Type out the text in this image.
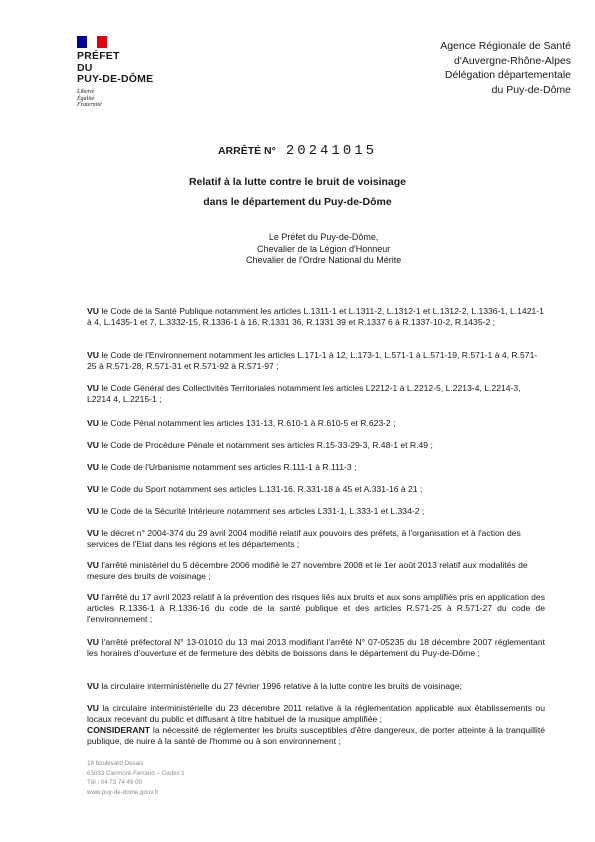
PRÉFET
DU
PUY-DE-DÔME
Liberté
Égalité
Fraternité
Agence Régionale de Santé
d'Auvergne-Rhône-Alpes
Délégation départementale
du Puy-de-Dôme
ARRÊTÉ N° 20241015
Relatif à la lutte contre le bruit de voisinage
dans le département du Puy-de-Dôme
Le Préfet du Puy-de-Dôme,
Chevalier de la Légion d'Honneur
Chevalier de l'Ordre National du Mérite

VU le Code de la Santé Publique notamment les articles L.1311-1 et L.1311-2, L.1312-1 et L.1312-2, L.1336-1, L.1421-1 à 4, L.1435-1 et 7, L.3332-15, R.1336-1 à 16, R.1331 36, R.1331 39 et R.1337 6 à R.1337-10-2, R.1435-2 ;

VU le Code de l'Environnement notamment les articles L.171-1 à 12, L.173-1, L.571-1 à L.571-19, R.571-1 à 4, R.571-25 à R.571-28, R.571-31 et R.571-92 à R.571-97 ;

VU le Code Général des Collectivités Territoriales notamment les articles L2212-1 à L.2212-5, L.2213-4, L.2214-3, L2214 4, L.2215-1 ;

VU le Code Pénal notamment les articles 131-13, R.610-1 à R.610-5 et R.623-2 ;

VU le Code de Procédure Pénale et notamment ses articles R.15-33-29-3, R.48-1 et R.49 ;

VU le Code de l'Urbanisme notamment ses articles R.111-1 à R.111-3 ;

VU le Code du Sport notamment ses articles L.131-16, R.331-18 à 45 et A.331-16 à 21 ;

VU le Code de la Sécurité Intérieure notamment ses articles L331-1, L.333-1 et L.334-2 ;

VU le décret n° 2004-374 du 29 avril 2004 modifié relatif aux pouvoirs des préfets, à l'organisation et à l'action des services de l'Etat dans les régions et les départements ;

VU l'arrêté ministériel du 5 décembre 2006 modifié le 27 novembre 2008 et le 1er août 2013 relatif aux modalités de mesure des bruits de voisinage ;

VU l'arrêté du 17 avril 2023 relatif à la prévention des risques liés aux bruits et aux sons amplifiés pris en application des articles R.1336-1 à R.1336-16 du code de la santé publique et des articles R.571-25 à R.571-27 du code de l'environnement ;

VU l'arrêté préfectoral N° 13-01010 du 13 mai 2013 modifiant l'arrêté N° 07-05235 du 18 décembre 2007 réglementant les horaires d'ouverture et de fermeture des débits de boissons dans le département du Puy-de-Dôme ;

VU la circulaire interministérielle du 27 février 1996 relative à la lutte contre les bruits de voisinage;

VU la circulaire interministérielle du 23 décembre 2011 relative à la réglementation applicable aux établissements ou locaux recevant du public et diffusant à titre habituel de la musique amplifiée ;

CONSIDERANT la nécessité de réglementer les bruits susceptibles d'être dangereux, de porter atteinte à la tranquillité publique, de nuire à la santé de l'homme ou à son environnement ;

18 boulevard Desaix
63033 Clermont-Ferrand – Cedex 1
Tél : 04 73 74 49 00
www.puy-de-dome.gouv.fr
